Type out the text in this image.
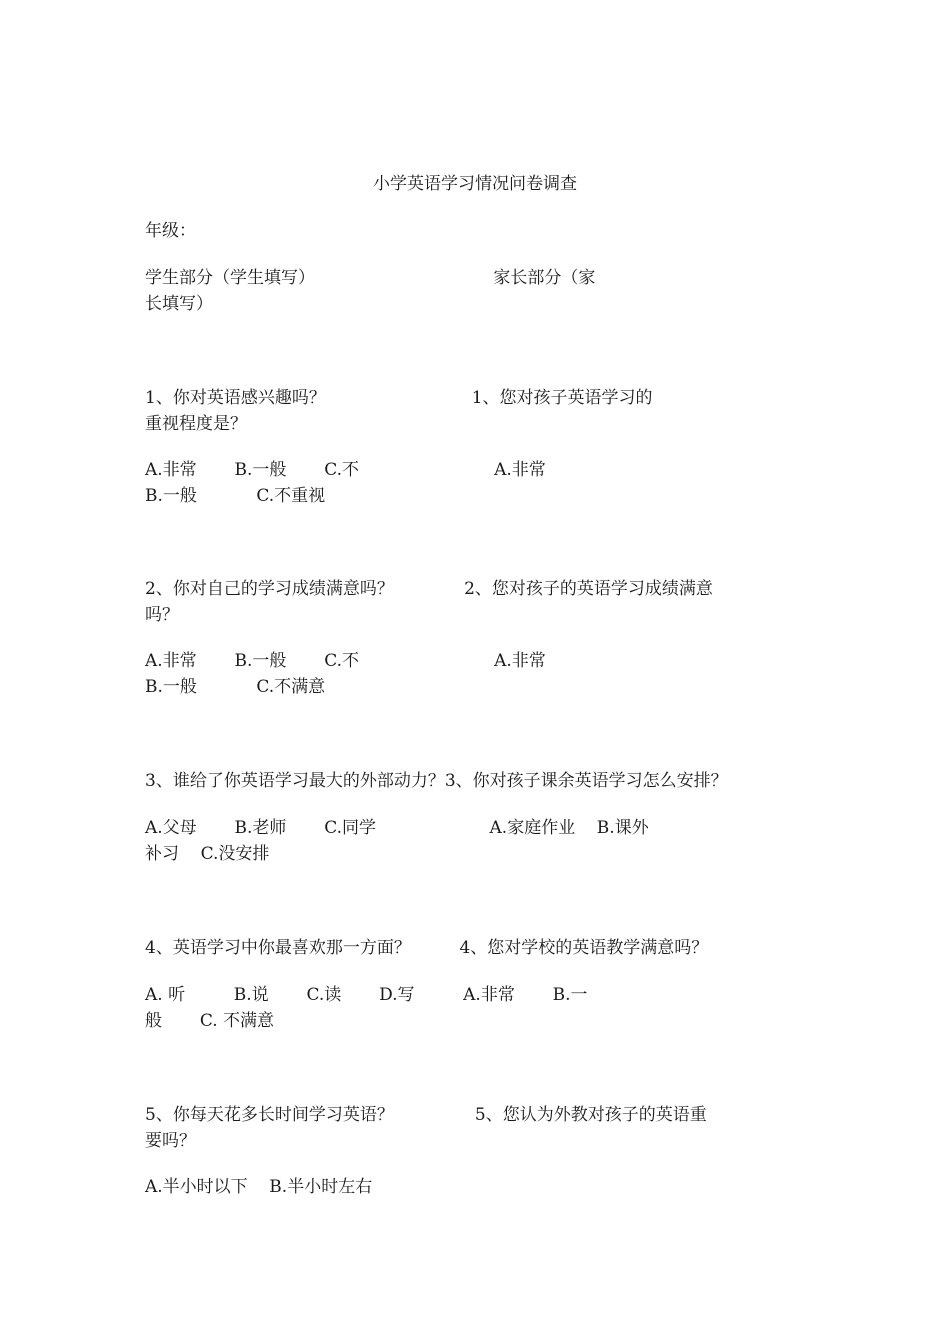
小学英语学习情况问卷调查
年级：
学生部分（学生填写）                                 家长部分（家
长填写）
1、你对英语感兴趣吗？                           1、您对孩子英语学习的
重视程度是？
A.非常       B.一般       C.不                         A.非常
B.一般           C.不重视
2、你对自己的学习成绩满意吗？             2、您对孩子的英语学习成绩满意
吗？
A.非常       B.一般       C.不                         A.非常
B.一般           C.不满意
3、谁给了你英语学习最大的外部动力？3、你对孩子课余英语学习怎么安排？
A.父母       B.老师       C.同学                     A.家庭作业    B.课外
补习    C.没安排
4、英语学习中你最喜欢那一方面？         4、您对学校的英语教学满意吗？
A. 听         B.说       C.读       D.写         A.非常       B.一
般       C. 不满意
5、你每天花多长时间学习英语？               5、您认为外教对孩子的英语重
要吗？
A.半小时以下    B.半小时左右
